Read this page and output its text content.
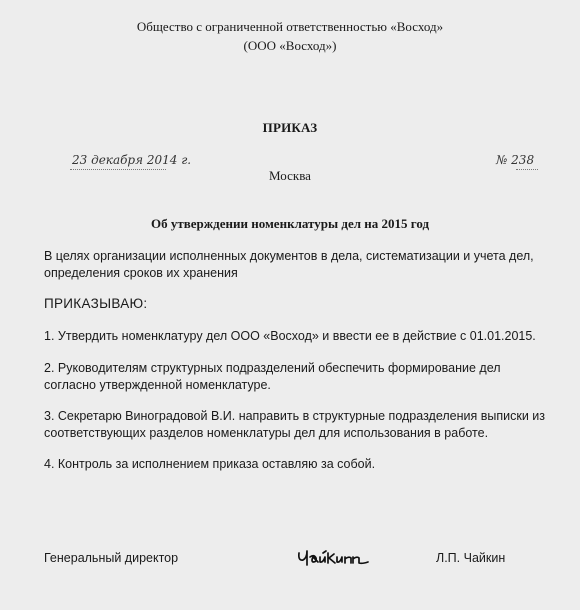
Общество с ограниченной ответственностью «Восход»
(ООО «Восход»)
ПРИКАЗ
23 декабря 2014 г.	№ 238
Москва
Об утверждении номенклатуры дел на 2015 год
В целях организации исполненных документов в дела, систематизации и учета дел, определения сроков их хранения
ПРИКАЗЫВАЮ:
1. Утвердить номенклатуру дел ООО «Восход» и ввести ее в действие с 01.01.2015.
2. Руководителям структурных подразделений обеспечить формирование дел согласно утвержденной номенклатуре.
3. Секретарю Виноградовой В.И. направить в структурные подразделения выписки из соответствующих разделов номенклатуры дел для использования в работе.
4. Контроль за исполнением приказа оставляю за собой.
Генеральный директор	Л.П. Чайкин
